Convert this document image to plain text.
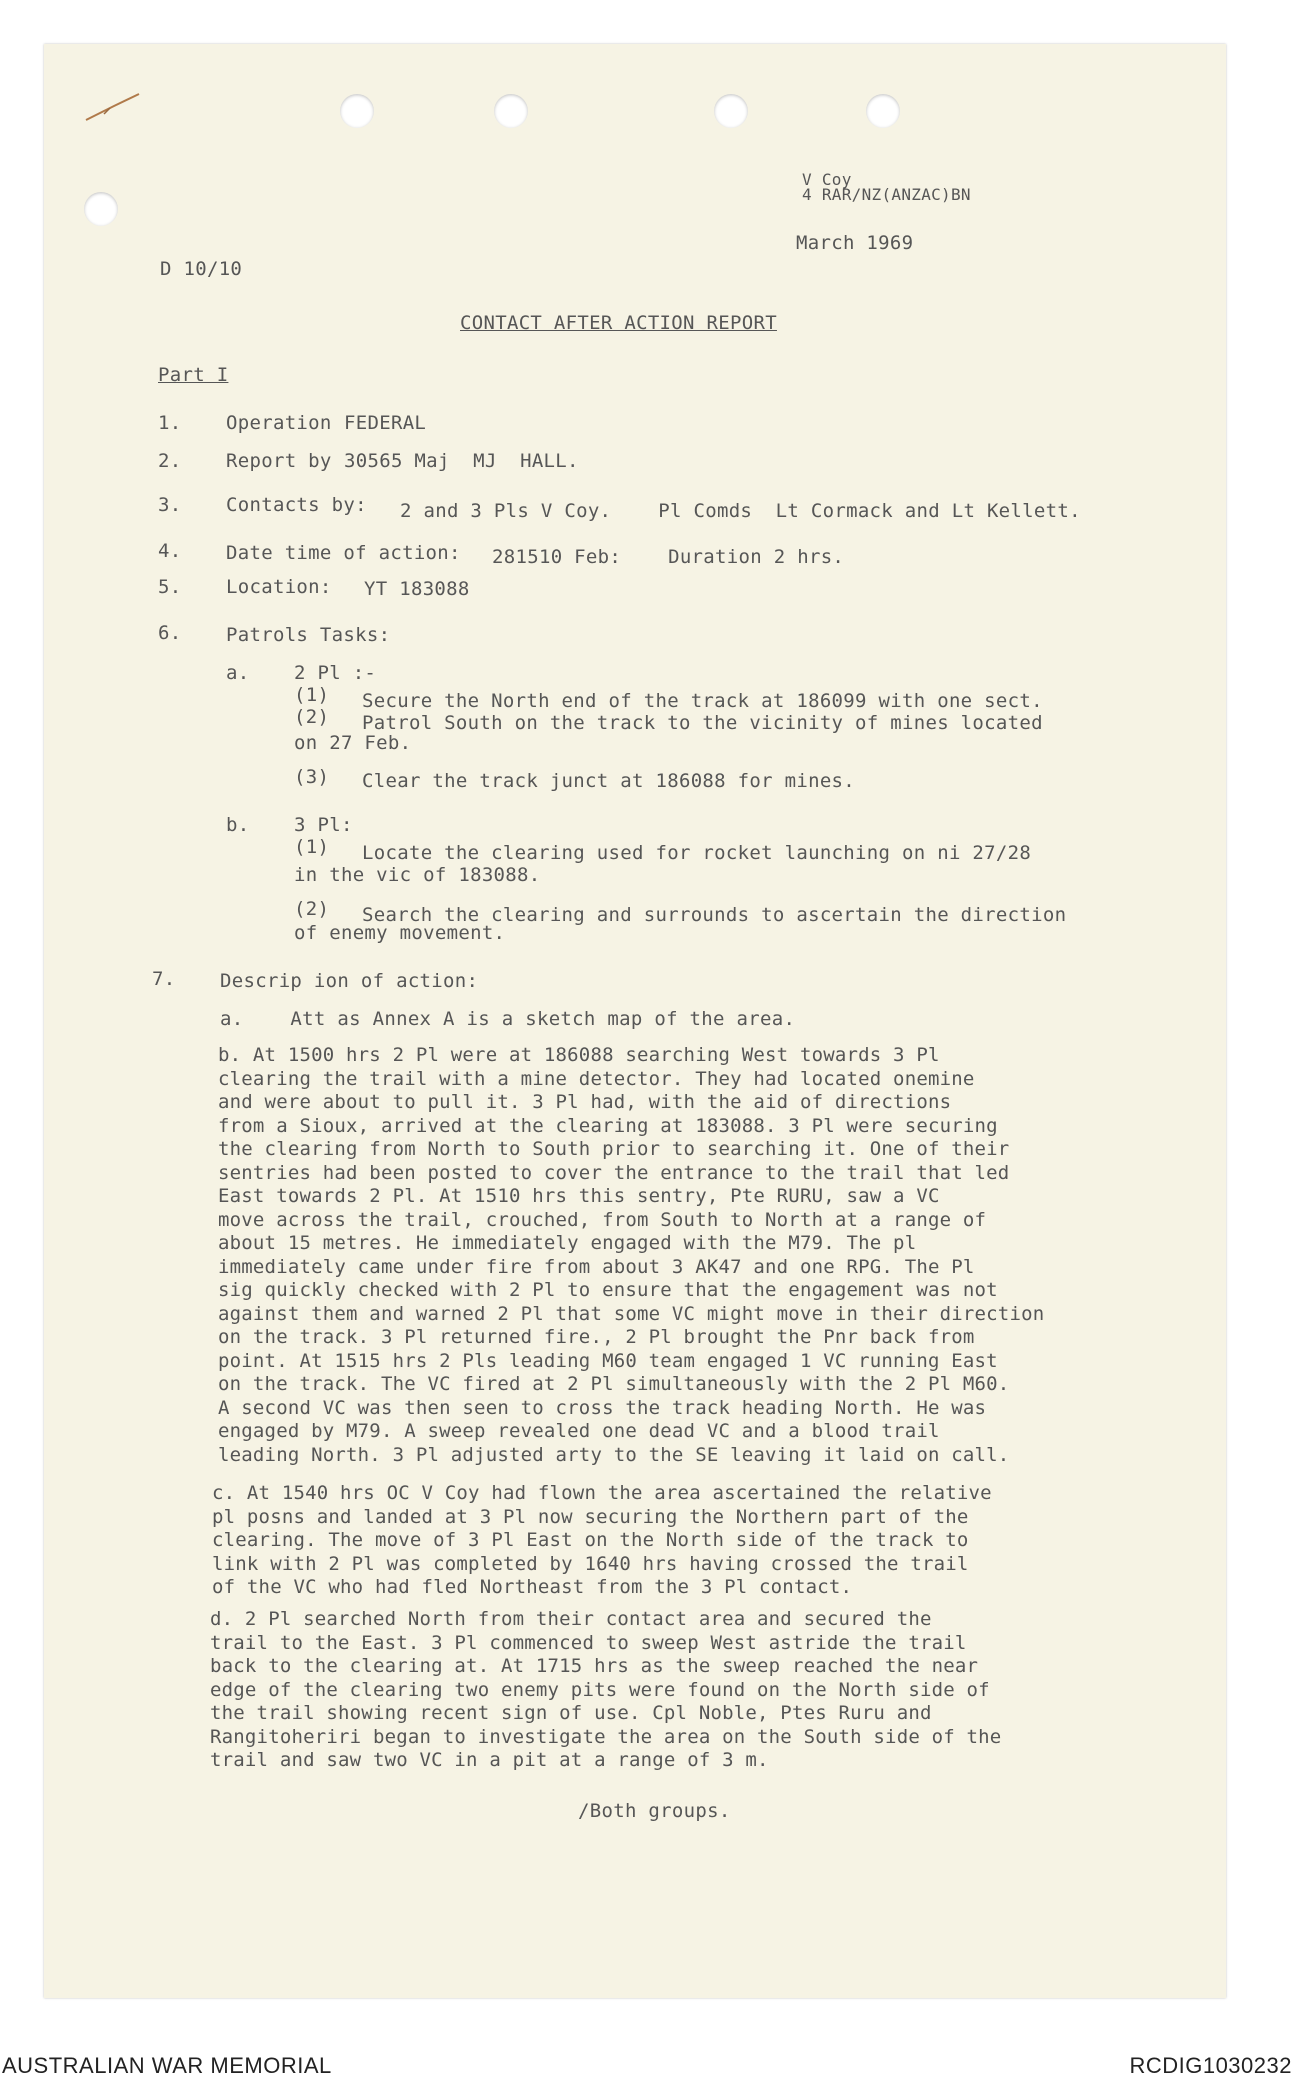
V Coy
4 RAR/NZ(ANZAC)BN
March 1969
D 10/10
CONTACT AFTER ACTION REPORT
Part I
1. Operation FEDERAL
2. Report by 30565 Maj  MJ  HALL.
3. Contacts by: 2 and 3 Pls V Coy.    Pl Comds  Lt Cormack and Lt Kellett.
4. Date time of action: 281510 Feb:    Duration 2 hrs.
5. Location: YT 183088
6. Patrols Tasks:
a. 2 Pl :-
(1) Secure the North end of the track at 186099 with one sect.
(2) Patrol South on the track to the vicinity of mines located
on 27 Feb.
(3) Clear the track junct at 186088 for mines.
b. 3 Pl:
(1) Locate the clearing used for rocket launching on ni 27/28
in the vic of 183088.
(2) Search the clearing and surrounds to ascertain the direction
of enemy movement.
7. Descrip ion of action:
a.    Att as Annex A is a sketch map of the area.
b. At 1500 hrs 2 Pl were at 186088 searching West towards 3 Pl
clearing the trail with a mine detector. They had located onemine
and were about to pull it. 3 Pl had, with the aid of directions
from a Sioux, arrived at the clearing at 183088. 3 Pl were securing
the clearing from North to South prior to searching it. One of their
sentries had been posted to cover the entrance to the trail that led
East towards 2 Pl. At 1510 hrs this sentry, Pte RURU, saw a VC
move across the trail, crouched, from South to North at a range of
about 15 metres. He immediately engaged with the M79. The pl
immediately came under fire from about 3 AK47 and one RPG. The Pl
sig quickly checked with 2 Pl to ensure that the engagement was not
against them and warned 2 Pl that some VC might move in their direction
on the track. 3 Pl returned fire., 2 Pl brought the Pnr back from
point. At 1515 hrs 2 Pls leading M60 team engaged 1 VC running East
on the track. The VC fired at 2 Pl simultaneously with the 2 Pl M60.
A second VC was then seen to cross the track heading North. He was
engaged by M79. A sweep revealed one dead VC and a blood trail
leading North. 3 Pl adjusted arty to the SE leaving it laid on call.
c. At 1540 hrs OC V Coy had flown the area ascertained the relative
pl posns and landed at 3 Pl now securing the Northern part of the
clearing. The move of 3 Pl East on the North side of the track to
link with 2 Pl was completed by 1640 hrs having crossed the trail
of the VC who had fled Northeast from the 3 Pl contact.
d. 2 Pl searched North from their contact area and secured the
trail to the East. 3 Pl commenced to sweep West astride the trail
back to the clearing at. At 1715 hrs as the sweep reached the near
edge of the clearing two enemy pits were found on the North side of
the trail showing recent sign of use. Cpl Noble, Ptes Ruru and
Rangitoheriri began to investigate the area on the South side of the
trail and saw two VC in a pit at a range of 3 m.
/Both groups.
AUSTRALIAN WAR MEMORIAL	RCDIG1030232
